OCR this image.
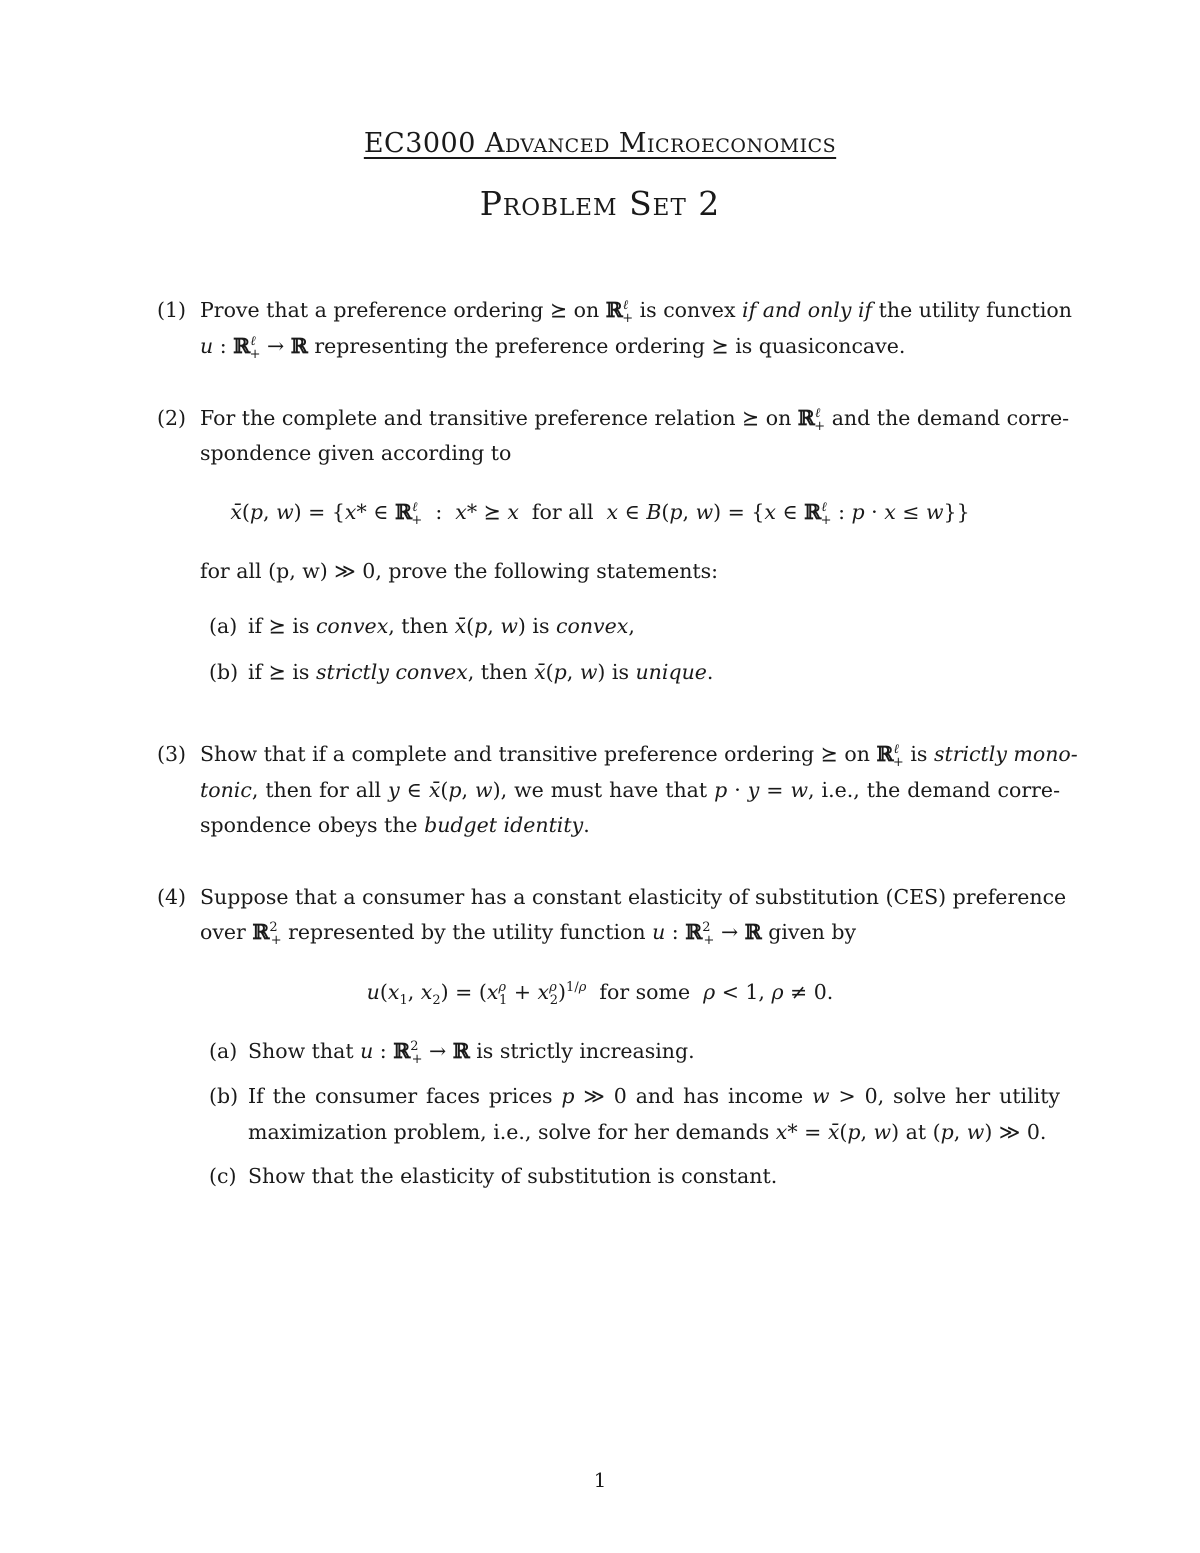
EC3000 Advanced Microeconomics
Problem Set 2
(1) Prove that a preference ordering ⪰ on ℝ$^\ell_+$ is convex if and only if the utility function
u : ℝ$^\ell_+$ → ℝ representing the preference ordering ⪰ is quasiconcave.
(2) For the complete and transitive preference relation ⪰ on ℝ$^\ell_+$ and the demand corre-
spondence given according to
x̄(p, w) = {x* ∈ ℝ$^\ell_+$  :  x* ⪰ x  for all  x ∈ B(p, w) = {x ∈ ℝ$^\ell_+$ : p · x ≤ w}}
for all (p, w) ≫ 0, prove the following statements:
(a) if ⪰ is convex, then x̄(p, w) is convex,
(b) if ⪰ is strictly convex, then x̄(p, w) is unique.
(3) Show that if a complete and transitive preference ordering ⪰ on ℝ$^\ell_+$ is strictly mono-
tonic, then for all y ∈ x̄(p, w), we must have that p · y = w, i.e., the demand corre-
spondence obeys the budget identity.
(4) Suppose that a consumer has a constant elasticity of substitution (CES) preference
over ℝ$^2_+$ represented by the utility function u : ℝ$^2_+$ → ℝ given by
$u(x_1$, $x_2) = (x^\rho_1 + x^\rho_2)^{1/\rho}$  for some  ρ < 1, ρ ≠ 0.
(a) Show that u : ℝ$^2_+$ → ℝ is strictly increasing.
(b) If the consumer faces prices p ≫ 0 and has income w > 0, solve her utility
maximization problem, i.e., solve for her demands x* = x̄(p, w) at (p, w) ≫ 0.
(c) Show that the elasticity of substitution is constant.
1
